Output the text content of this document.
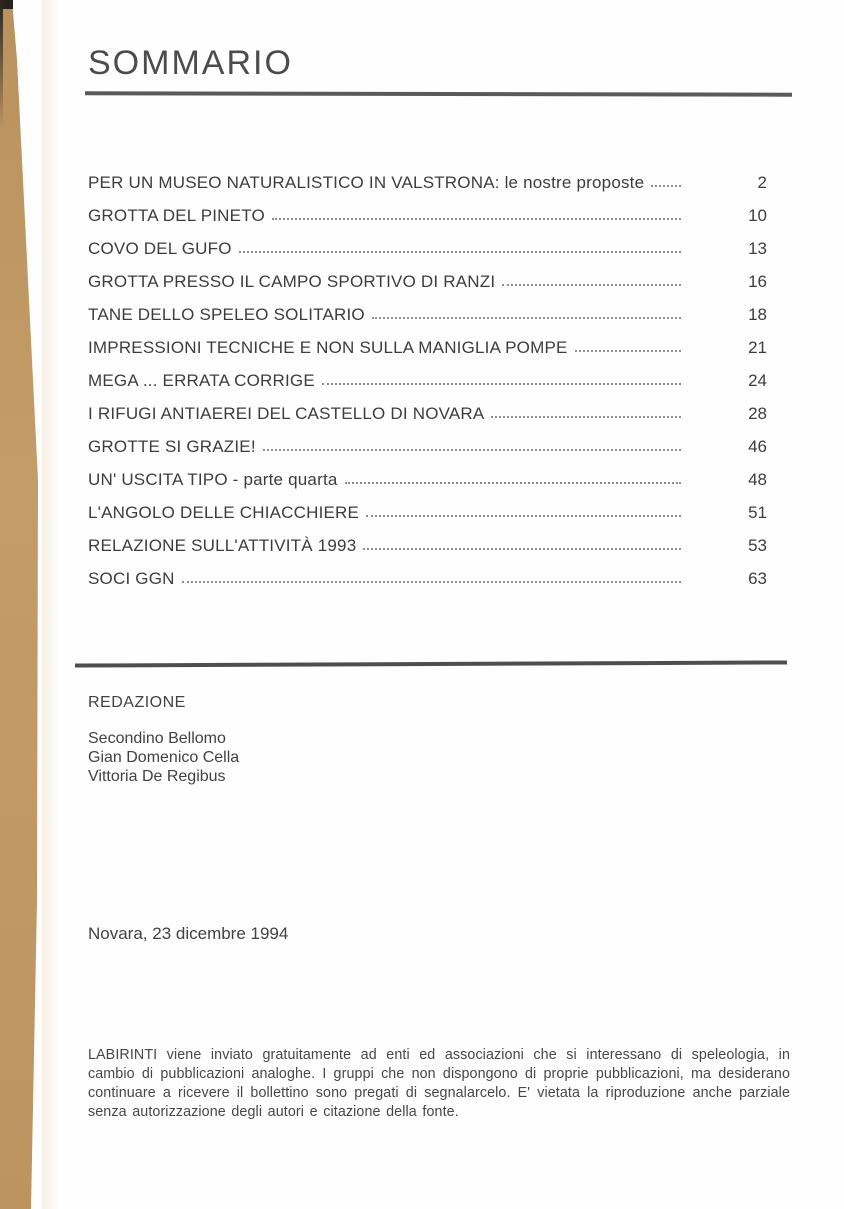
SOMMARIO
PER UN MUSEO NATURALISTICO IN VALSTRONA: le nostre proposte	2
GROTTA DEL PINETO	10
COVO DEL GUFO	13
GROTTA PRESSO IL CAMPO SPORTIVO DI RANZI	16
TANE DELLO SPELEO SOLITARIO	18
IMPRESSIONI TECNICHE E NON SULLA MANIGLIA POMPE	21
MEGA ... ERRATA CORRIGE	24
I RIFUGI ANTIAEREI DEL CASTELLO DI NOVARA	28
GROTTE SI GRAZIE!	46
UN' USCITA TIPO - parte quarta	48
L'ANGOLO DELLE CHIACCHIERE	51
RELAZIONE SULL'ATTIVITÀ 1993	53
SOCI GGN	63
REDAZIONE
Secondino Bellomo
Gian Domenico Cella
Vittoria De Regibus
Novara, 23 dicembre 1994

LABIRINTI viene inviato gratuitamente ad enti ed associazioni che si interessano di speleologia, in cambio di pubblicazioni analoghe. I gruppi che non dispongono di proprie pubblicazioni, ma desiderano continuare a ricevere il bollettino sono pregati di segnalarcelo. E' vietata la riproduzione anche parziale senza autorizzazione degli autori e citazione della fonte.
